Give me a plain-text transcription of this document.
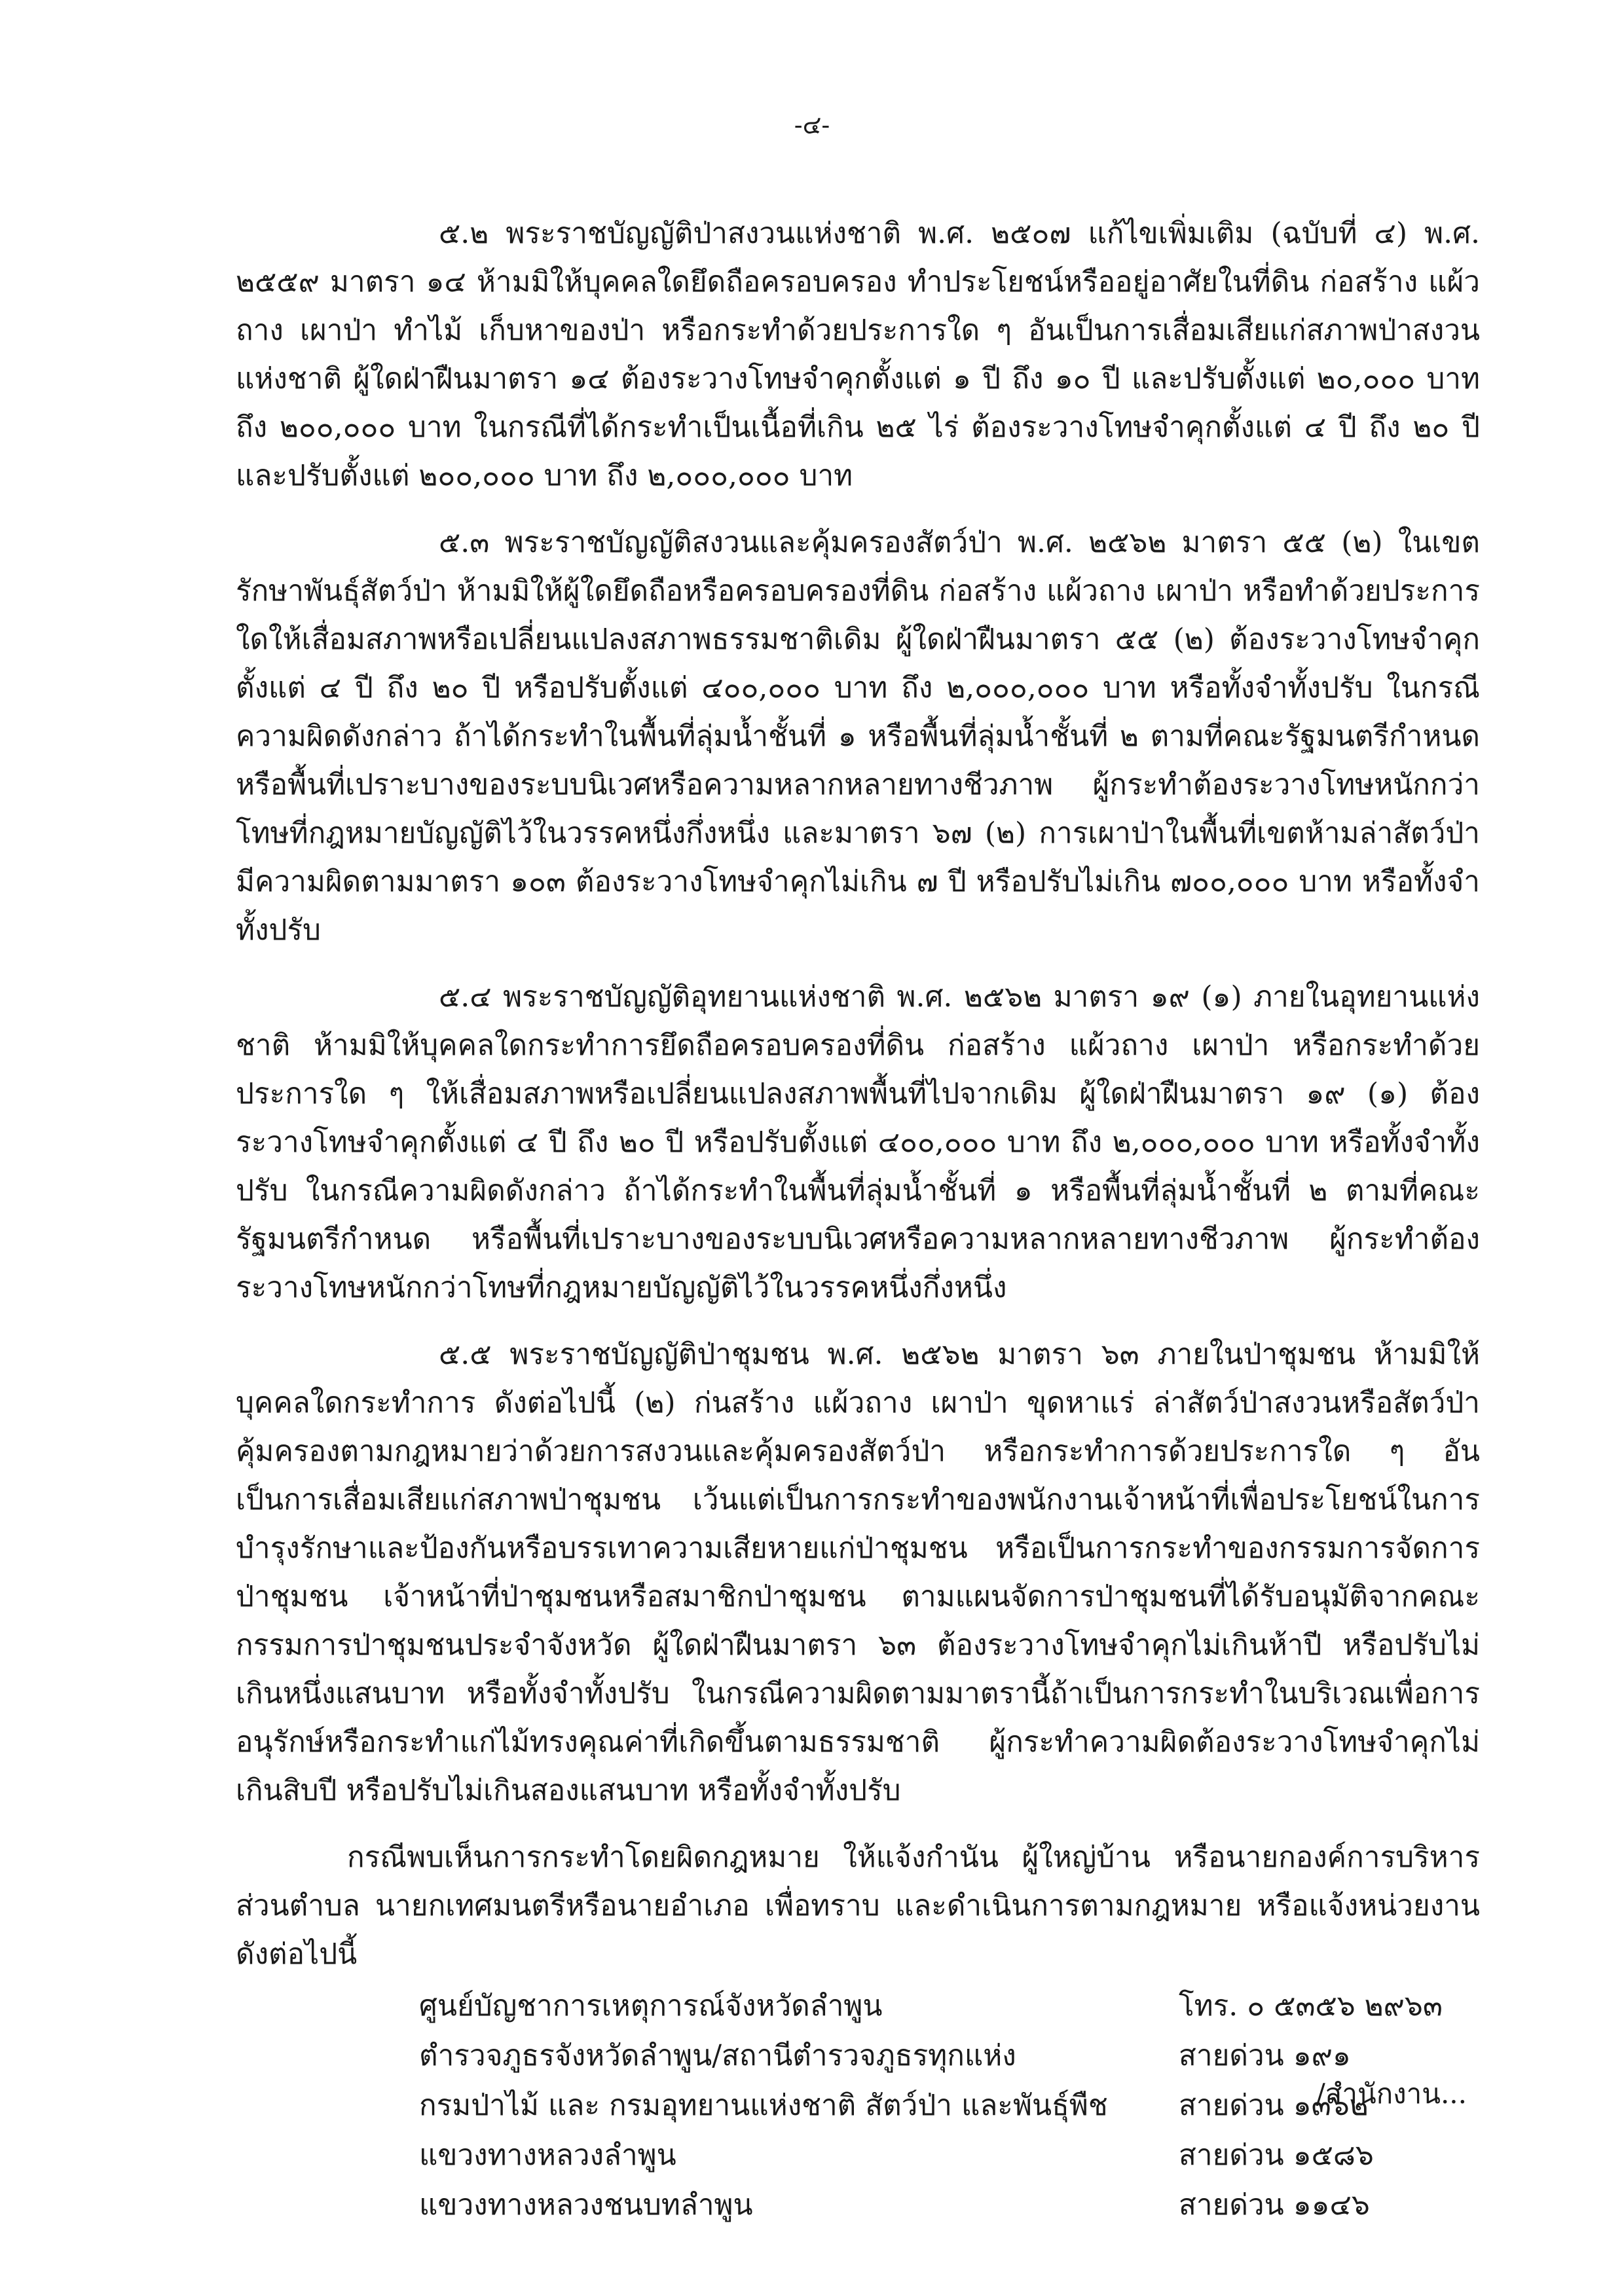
-๔-

๕.๒ พระราชบัญญัติป่าสงวนแห่งชาติ พ.ศ. ๒๕๐๗ แก้ไขเพิ่มเติม (ฉบับที่ ๔) พ.ศ. ๒๕๕๙ มาตรา ๑๔ ห้ามมิให้บุคคลใดยึดถือครอบครอง ทำประโยชน์หรืออยู่อาศัยในที่ดิน ก่อสร้าง แผ้วถาง เผาป่า ทำไม้ เก็บหาของป่า หรือกระทำด้วยประการใด ๆ อันเป็นการเสื่อมเสียแก่สภาพป่าสงวนแห่งชาติ ผู้ใดฝ่าฝืนมาตรา ๑๔ ต้องระวางโทษจำคุกตั้งแต่ ๑ ปี ถึง ๑๐ ปี และปรับตั้งแต่ ๒๐,๐๐๐ บาท ถึง ๒๐๐,๐๐๐ บาท ในกรณีที่ได้กระทำเป็นเนื้อที่เกิน ๒๕ ไร่ ต้องระวางโทษจำคุกตั้งแต่ ๔ ปี ถึง ๒๐ ปี และปรับตั้งแต่ ๒๐๐,๐๐๐ บาท ถึง ๒,๐๐๐,๐๐๐ บาท

๕.๓ พระราชบัญญัติสงวนและคุ้มครองสัตว์ป่า พ.ศ. ๒๕๖๒ มาตรา ๕๕ (๒) ในเขตรักษาพันธุ์สัตว์ป่า ห้ามมิให้ผู้ใดยึดถือหรือครอบครองที่ดิน ก่อสร้าง แผ้วถาง เผาป่า หรือทำด้วยประการใดให้เสื่อมสภาพหรือเปลี่ยนแปลงสภาพธรรมชาติเดิม ผู้ใดฝ่าฝืนมาตรา ๕๕ (๒) ต้องระวางโทษจำคุกตั้งแต่ ๔ ปี ถึง ๒๐ ปี หรือปรับตั้งแต่ ๔๐๐,๐๐๐ บาท ถึง ๒,๐๐๐,๐๐๐ บาท หรือทั้งจำทั้งปรับ ในกรณีความผิดดังกล่าว ถ้าได้กระทำในพื้นที่ลุ่มน้ำชั้นที่ ๑ หรือพื้นที่ลุ่มน้ำชั้นที่ ๒ ตามที่คณะรัฐมนตรีกำหนด หรือพื้นที่เปราะบางของระบบนิเวศหรือความหลากหลายทางชีวภาพ ผู้กระทำต้องระวางโทษหนักกว่าโทษที่กฎหมายบัญญัติไว้ในวรรคหนึ่งกึ่งหนึ่ง และมาตรา ๖๗ (๒) การเผาป่าในพื้นที่เขตห้ามล่าสัตว์ป่า มีความผิดตามมาตรา ๑๐๓ ต้องระวางโทษจำคุกไม่เกิน ๗ ปี หรือปรับไม่เกิน ๗๐๐,๐๐๐ บาท หรือทั้งจำทั้งปรับ

๕.๔ พระราชบัญญัติอุทยานแห่งชาติ พ.ศ. ๒๕๖๒ มาตรา ๑๙ (๑) ภายในอุทยานแห่งชาติ ห้ามมิให้บุคคลใดกระทำการยึดถือครอบครองที่ดิน ก่อสร้าง แผ้วถาง เผาป่า หรือกระทำด้วยประการใด ๆ ให้เสื่อมสภาพหรือเปลี่ยนแปลงสภาพพื้นที่ไปจากเดิม ผู้ใดฝ่าฝืนมาตรา ๑๙ (๑) ต้องระวางโทษจำคุกตั้งแต่ ๔ ปี ถึง ๒๐ ปี หรือปรับตั้งแต่ ๔๐๐,๐๐๐ บาท ถึง ๒,๐๐๐,๐๐๐ บาท หรือทั้งจำทั้งปรับ ในกรณีความผิดดังกล่าว ถ้าได้กระทำในพื้นที่ลุ่มน้ำชั้นที่ ๑ หรือพื้นที่ลุ่มน้ำชั้นที่ ๒ ตามที่คณะรัฐมนตรีกำหนด หรือพื้นที่เปราะบางของระบบนิเวศหรือความหลากหลายทางชีวภาพ ผู้กระทำต้องระวางโทษหนักกว่าโทษที่กฎหมายบัญญัติไว้ในวรรคหนึ่งกึ่งหนึ่ง

๕.๕ พระราชบัญญัติป่าชุมชน พ.ศ. ๒๕๖๒ มาตรา ๖๓ ภายในป่าชุมชน ห้ามมิให้บุคคลใดกระทำการ ดังต่อไปนี้ (๒) ก่นสร้าง แผ้วถาง เผาป่า ขุดหาแร่ ล่าสัตว์ป่าสงวนหรือสัตว์ป่าคุ้มครองตามกฎหมายว่าด้วยการสงวนและคุ้มครองสัตว์ป่า หรือกระทำการด้วยประการใด ๆ อันเป็นการเสื่อมเสียแก่สภาพป่าชุมชน เว้นแต่เป็นการกระทำของพนักงานเจ้าหน้าที่เพื่อประโยชน์ในการบำรุงรักษาและป้องกันหรือบรรเทาความเสียหายแก่ป่าชุมชน หรือเป็นการกระทำของกรรมการจัดการป่าชุมชน เจ้าหน้าที่ป่าชุมชนหรือสมาชิกป่าชุมชน ตามแผนจัดการป่าชุมชนที่ได้รับอนุมัติจากคณะกรรมการป่าชุมชนประจำจังหวัด ผู้ใดฝ่าฝืนมาตรา ๖๓ ต้องระวางโทษจำคุกไม่เกินห้าปี หรือปรับไม่เกินหนึ่งแสนบาท หรือทั้งจำทั้งปรับ ในกรณีความผิดตามมาตรานี้ถ้าเป็นการกระทำในบริเวณเพื่อการอนุรักษ์หรือกระทำแก่ไม้ทรงคุณค่าที่เกิดขึ้นตามธรรมชาติ ผู้กระทำความผิดต้องระวางโทษจำคุกไม่เกินสิบปี หรือปรับไม่เกินสองแสนบาท หรือทั้งจำทั้งปรับ

กรณีพบเห็นการกระทำโดยผิดกฎหมาย ให้แจ้งกำนัน ผู้ใหญ่บ้าน หรือนายกองค์การบริหารส่วนตำบล นายกเทศมนตรีหรือนายอำเภอ เพื่อทราบ และดำเนินการตามกฎหมาย หรือแจ้งหน่วยงาน ดังต่อไปนี้

ศูนย์บัญชาการเหตุการณ์จังหวัดลำพูน	โทร. ๐ ๕๓๕๖ ๒๙๖๓
ตำรวจภูธรจังหวัดลำพูน/สถานีตำรวจภูธรทุกแห่ง	สายด่วน ๑๙๑
กรมป่าไม้ และ กรมอุทยานแห่งชาติ สัตว์ป่า และพันธุ์พืช	สายด่วน ๑๓๖๒
แขวงทางหลวงลำพูน	สายด่วน ๑๕๘๖
แขวงทางหลวงชนบทลำพูน	สายด่วน ๑๑๔๖
/สำนักงาน...
